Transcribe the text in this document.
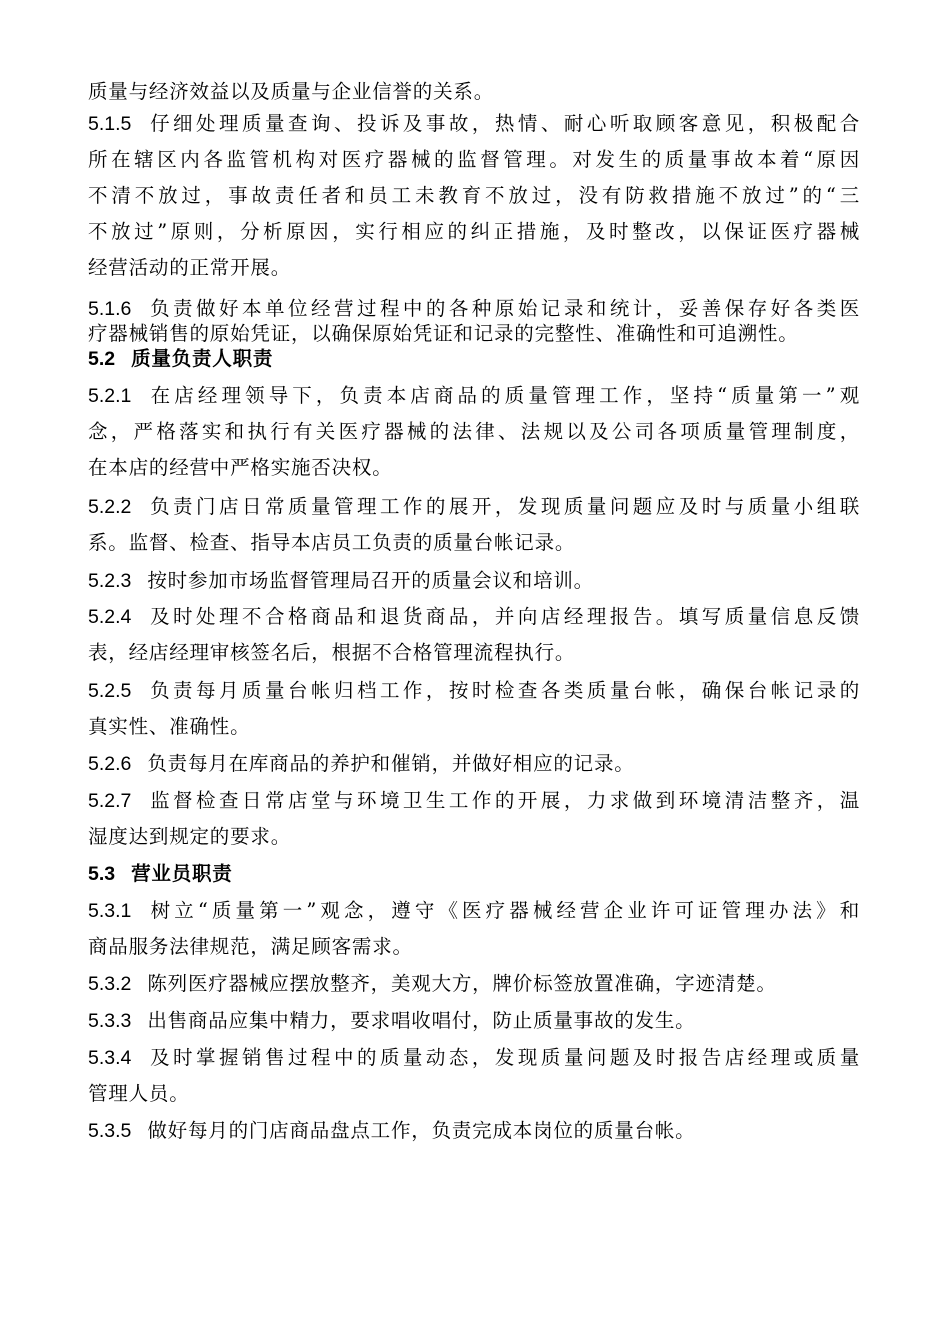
质量与经济效益以及质量与企业信誉的关系。
5.1.5 仔细处理质量查询、投诉及事故，热情、耐心听取顾客意见，积极配合
所在辖区内各监管机构对医疗器械的监督管理。对发生的质量事故本着“原因
不清不放过，事故责任者和员工未教育不放过，没有防救措施不放过”的“三
不放过”原则，分析原因，实行相应的纠正措施，及时整改，以保证医疗器械
经营活动的正常开展。
5.1.6 负责做好本单位经营过程中的各种原始记录和统计，妥善保存好各类医
疗器械销售的原始凭证，以确保原始凭证和记录的完整性、准确性和可追溯性。
5.2 质量负责人职责
5.2.1 在店经理领导下，负责本店商品的质量管理工作，坚持“质量第一”观
念，严格落实和执行有关医疗器械的法律、法规以及公司各项质量管理制度，
在本店的经营中严格实施否决权。
5.2.2 负责门店日常质量管理工作的展开，发现质量问题应及时与质量小组联
系。监督、检查、指导本店员工负责的质量台帐记录。
5.2.3 按时参加市场监督管理局召开的质量会议和培训。
5.2.4 及时处理不合格商品和退货商品，并向店经理报告。填写质量信息反馈
表，经店经理审核签名后，根据不合格管理流程执行。
5.2.5 负责每月质量台帐归档工作，按时检查各类质量台帐，确保台帐记录的
真实性、准确性。
5.2.6 负责每月在库商品的养护和催销，并做好相应的记录。
5.2.7 监督检查日常店堂与环境卫生工作的开展，力求做到环境清洁整齐，温
湿度达到规定的要求。
5.3 营业员职责
5.3.1 树立“质量第一”观念，遵守《医疗器械经营企业许可证管理办法》和
商品服务法律规范，满足顾客需求。
5.3.2 陈列医疗器械应摆放整齐，美观大方，牌价标签放置准确，字迹清楚。
5.3.3 出售商品应集中精力，要求唱收唱付，防止质量事故的发生。
5.3.4 及时掌握销售过程中的质量动态，发现质量问题及时报告店经理或质量
管理人员。
5.3.5 做好每月的门店商品盘点工作，负责完成本岗位的质量台帐。
